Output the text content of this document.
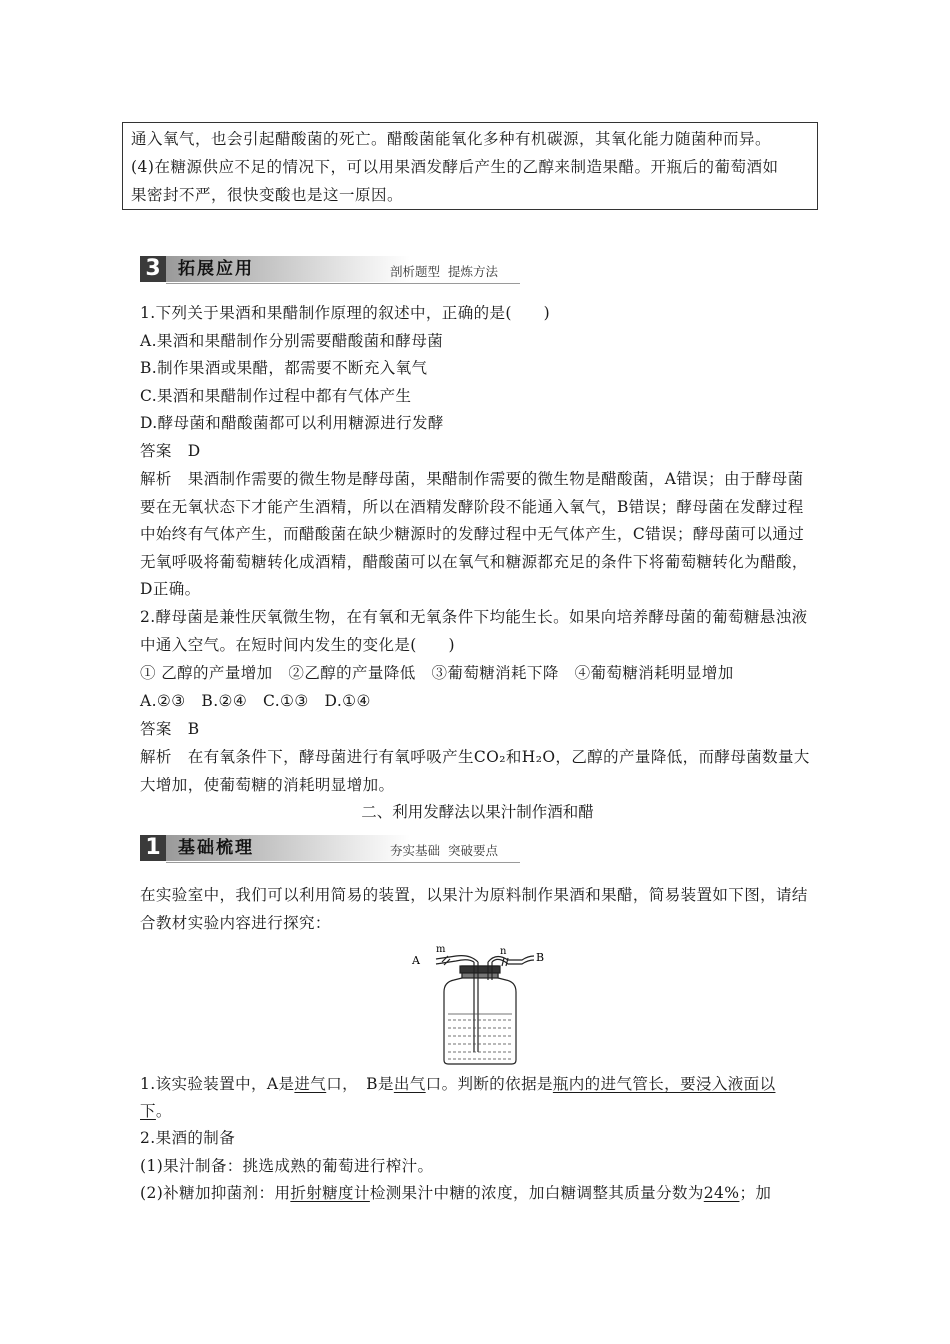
通入氧气，也会引起醋酸菌的死亡。醋酸菌能氧化多种有机碳源，其氧化能力随菌种而异。

(4)在糖源供应不足的情况下，可以用果酒发酵后产生的乙醇来制造果醋。开瓶后的葡萄酒如

果密封不严，很快变酸也是这一原因。

3	拓展应用	剖析题型  提炼方法

1.下列关于果酒和果醋制作原理的叙述中，正确的是(　　)

A.果酒和果醋制作分别需要醋酸菌和酵母菌

B.制作果酒或果醋，都需要不断充入氧气

C.果酒和果醋制作过程中都有气体产生

D.酵母菌和醋酸菌都可以利用糖源进行发酵

答案　D

解析　果酒制作需要的微生物是酵母菌，果醋制作需要的微生物是醋酸菌，A错误；由于酵母菌要在无氧状态下才能产生酒精，所以在酒精发酵阶段不能通入氧气，B错误；酵母菌在发酵过程中始终有气体产生，而醋酸菌在缺少糖源时的发酵过程中无气体产生，C错误；酵母菌可以通过无氧呼吸将葡萄糖转化成酒精，醋酸菌可以在氧气和糖源都充足的条件下将葡萄糖转化为醋酸，D正确。

2.酵母菌是兼性厌氧微生物，在有氧和无氧条件下均能生长。如果向培养酵母菌的葡萄糖悬浊液中通入空气。在短时间内发生的变化是(　　)

① 乙醇的产量增加　②乙醇的产量降低　③葡萄糖消耗下降　④葡萄糖消耗明显增加

A.②③　B.②④　C.①③　D.①④

答案　B

解析　在有氧条件下，酵母菌进行有氧呼吸产生CO₂和H₂O，乙醇的产量降低，而酵母菌数量大大增加，使葡萄糖的消耗明显增加。

二、利用发酵法以果汁制作酒和醋

1	基础梳理	夯实基础  突破要点

在实验室中，我们可以利用简易的装置，以果汁为原料制作果酒和果醋，简易装置如下图，请结合教材实验内容进行探究：

m
A
n	B

1.该实验装置中，A是进气口，　B是出气口。判断的依据是瓶内的进气管长，要浸入液面以

下。

2.果酒的制备

(1)果汁制备：挑选成熟的葡萄进行榨汁。

(2)补糖加抑菌剂：用折射糖度计检测果汁中糖的浓度，加白糖调整其质量分数为24%；加
